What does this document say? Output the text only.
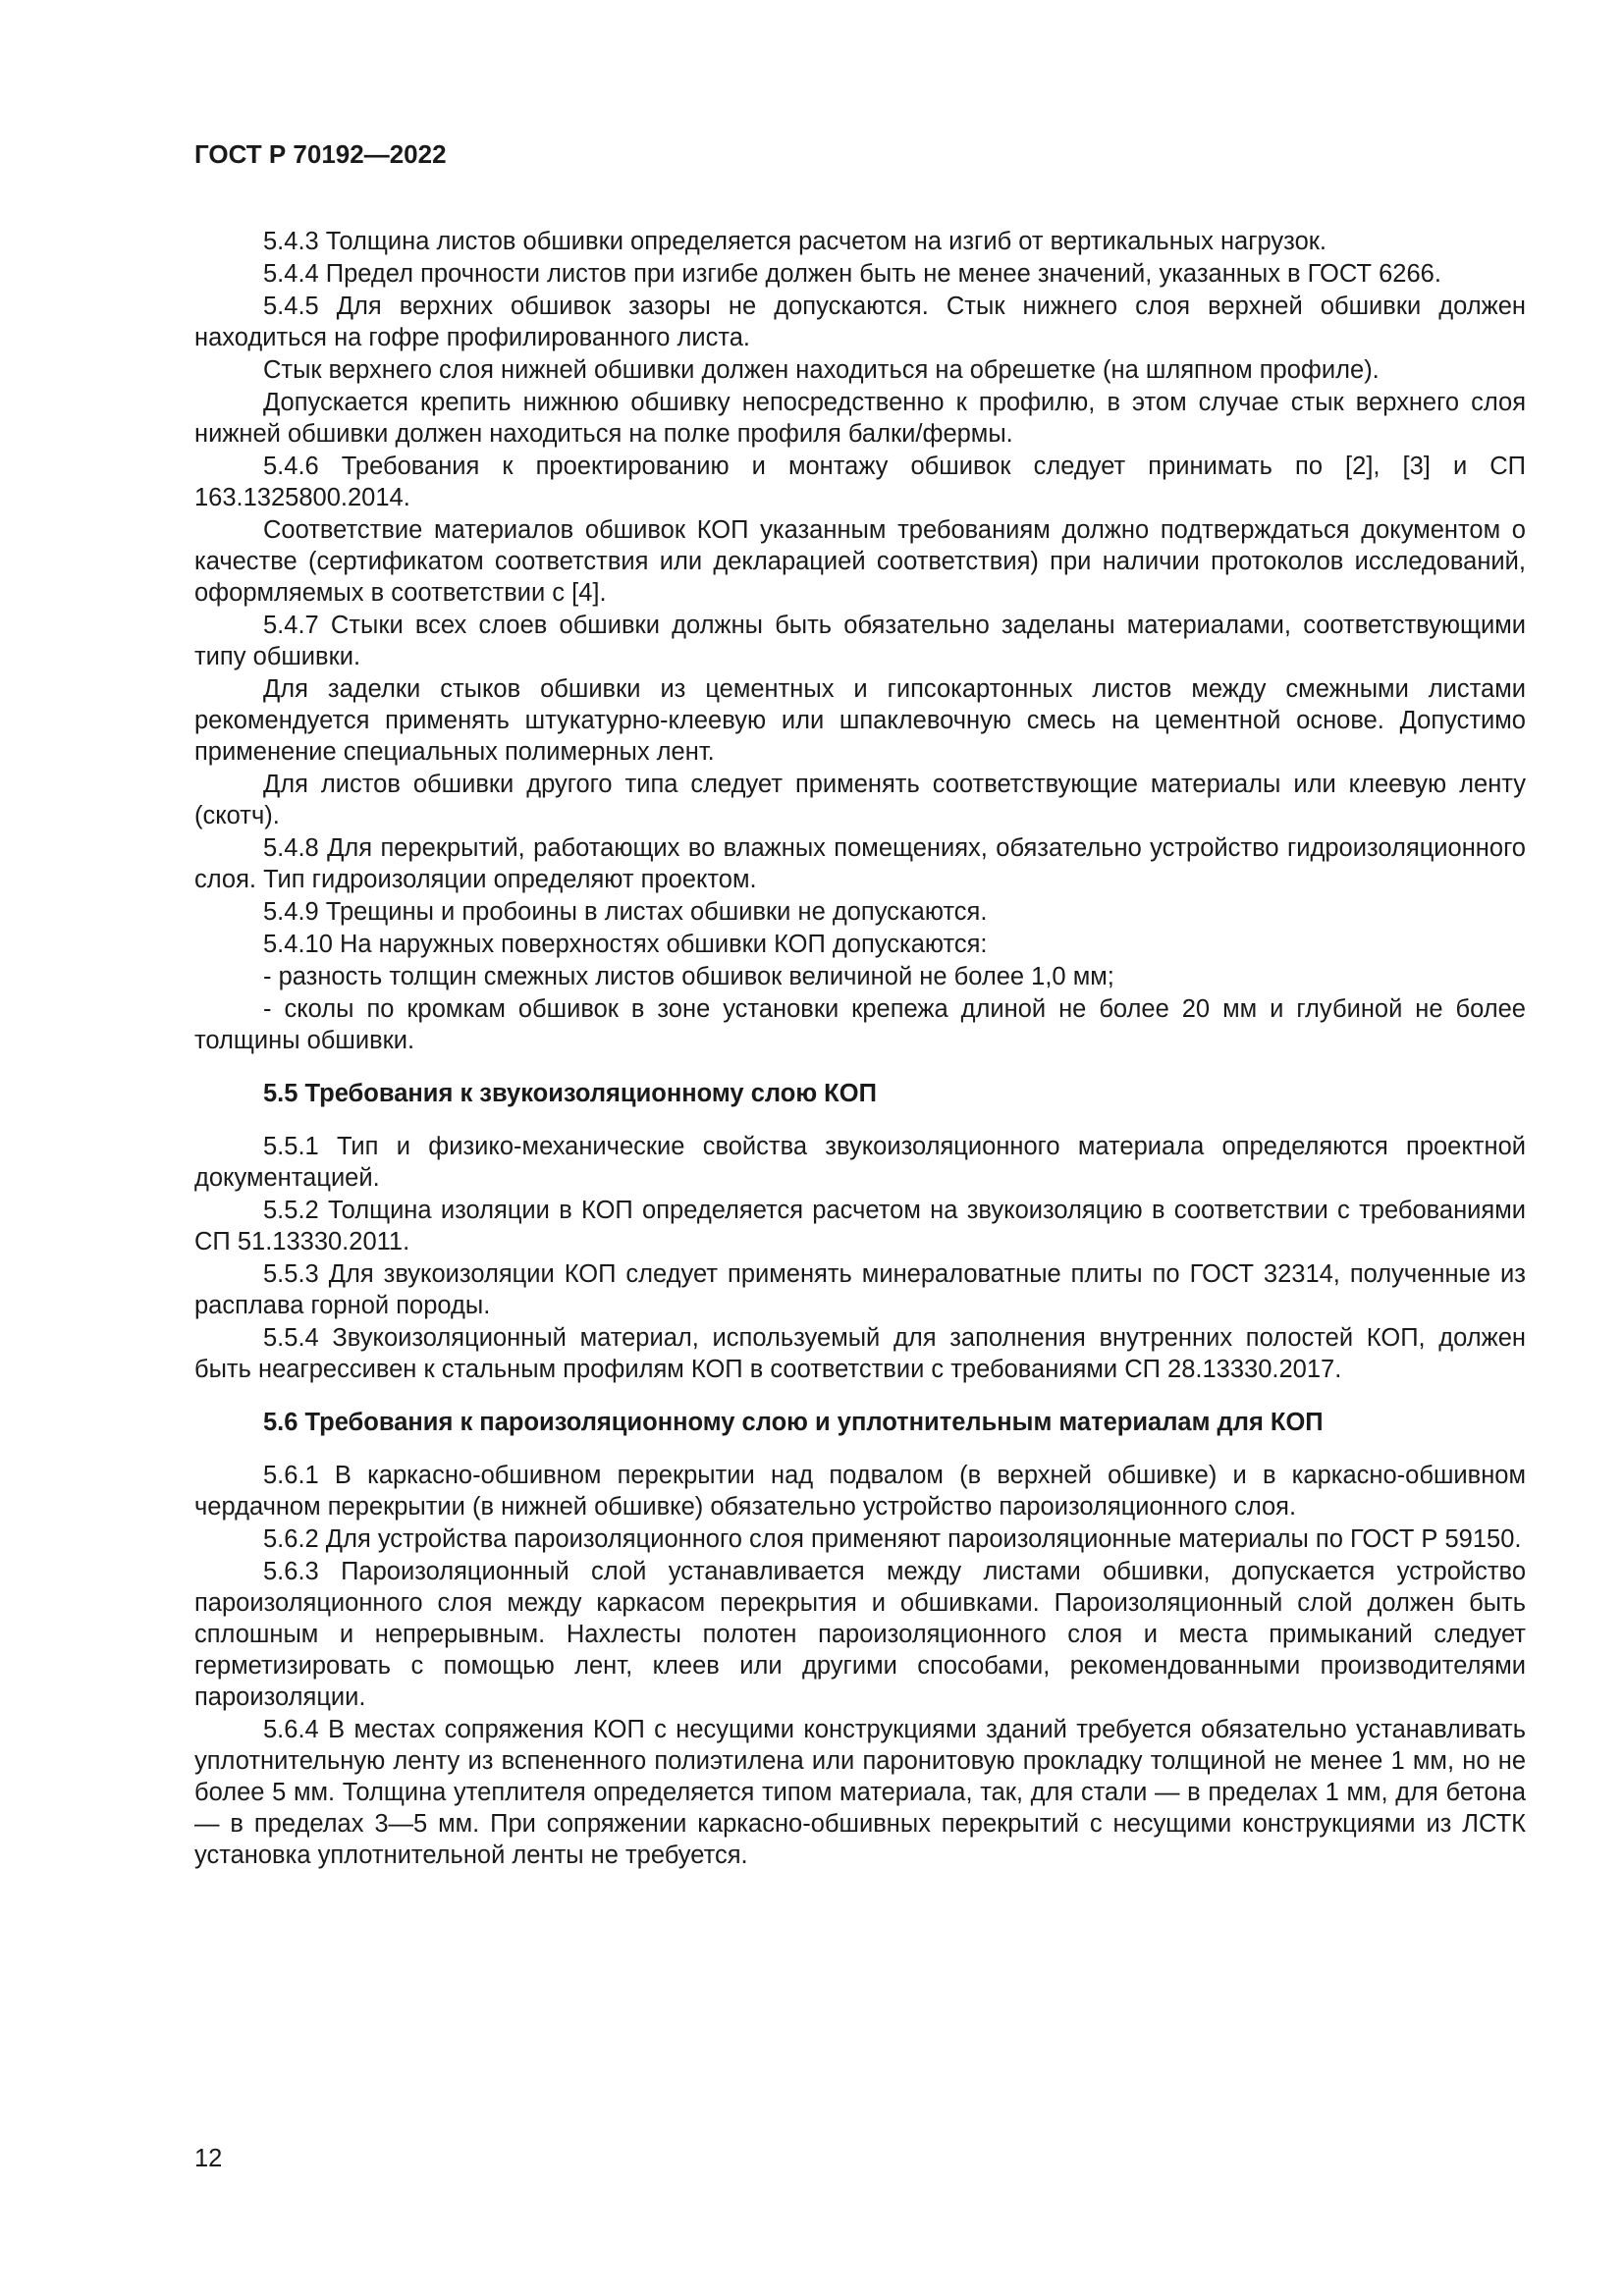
ГОСТ Р 70192—2022

5.4.3 Толщина листов обшивки определяется расчетом на изгиб от вертикальных нагрузок.

5.4.4 Предел прочности листов при изгибе должен быть не менее значений, указанных в ГОСТ 6266.

5.4.5 Для верхних обшивок зазоры не допускаются. Стык нижнего слоя верхней обшивки должен находиться на гофре профилированного листа.

Стык верхнего слоя нижней обшивки должен находиться на обрешетке (на шляпном профиле).

Допускается крепить нижнюю обшивку непосредственно к профилю, в этом случае стык верхнего слоя нижней обшивки должен находиться на полке профиля балки/фермы.

5.4.6 Требования к проектированию и монтажу обшивок следует принимать по [2], [3] и СП 163.1325800.2014.

Соответствие материалов обшивок КОП указанным требованиям должно подтверждаться документом о качестве (сертификатом соответствия или декларацией соответствия) при наличии протоколов исследований, оформляемых в соответствии с [4].

5.4.7 Стыки всех слоев обшивки должны быть обязательно заделаны материалами, соответствующими типу обшивки.

Для заделки стыков обшивки из цементных и гипсокартонных листов между смежными листами рекомендуется применять штукатурно-клеевую или шпаклевочную смесь на цементной основе. Допустимо применение специальных полимерных лент.

Для листов обшивки другого типа следует применять соответствующие материалы или клеевую ленту (скотч).

5.4.8 Для перекрытий, работающих во влажных помещениях, обязательно устройство гидроизоляционного слоя. Тип гидроизоляции определяют проектом.

5.4.9 Трещины и пробоины в листах обшивки не допускаются.

5.4.10 На наружных поверхностях обшивки КОП допускаются:

- разность толщин смежных листов обшивок величиной не более 1,0 мм;

- сколы по кромкам обшивок в зоне установки крепежа длиной не более 20 мм и глубиной не более толщины обшивки.

5.5 Требования к звукоизоляционному слою КОП

5.5.1 Тип и физико-механические свойства звукоизоляционного материала определяются проектной документацией.

5.5.2 Толщина изоляции в КОП определяется расчетом на звукоизоляцию в соответствии с требованиями СП 51.13330.2011.

5.5.3 Для звукоизоляции КОП следует применять минераловатные плиты по ГОСТ 32314, полученные из расплава горной породы.

5.5.4 Звукоизоляционный материал, используемый для заполнения внутренних полостей КОП, должен быть неагрессивен к стальным профилям КОП в соответствии с требованиями СП 28.13330.2017.

5.6 Требования к пароизоляционному слою и уплотнительным материалам для КОП

5.6.1 В каркасно-обшивном перекрытии над подвалом (в верхней обшивке) и в каркасно-обшивном чердачном перекрытии (в нижней обшивке) обязательно устройство пароизоляционного слоя.

5.6.2 Для устройства пароизоляционного слоя применяют пароизоляционные материалы по ГОСТ Р 59150.

5.6.3 Пароизоляционный слой устанавливается между листами обшивки, допускается устройство пароизоляционного слоя между каркасом перекрытия и обшивками. Пароизоляционный слой должен быть сплошным и непрерывным. Нахлесты полотен пароизоляционного слоя и места примыканий следует герметизировать с помощью лент, клеев или другими способами, рекомендованными производителями пароизоляции.

5.6.4 В местах сопряжения КОП с несущими конструкциями зданий требуется обязательно устанавливать уплотнительную ленту из вспененного полиэтилена или паронитовую прокладку толщиной не менее 1 мм, но не более 5 мм. Толщина утеплителя определяется типом материала, так, для стали — в пределах 1 мм, для бетона — в пределах 3—5 мм. При сопряжении каркасно-обшивных перекрытий с несущими конструкциями из ЛСТК установка уплотнительной ленты не требуется.

12
